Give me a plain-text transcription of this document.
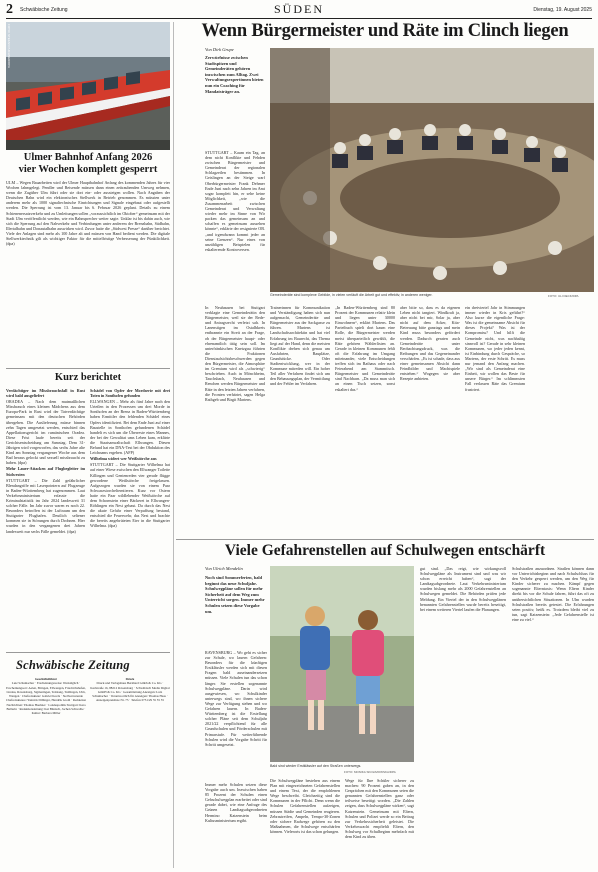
2 Schwäbische Zeitung	SÜDEN	Dienstag, 19. August 2025
FOTO: STEFAN PUCHNER/DPA
Ulmer Bahnhof Anfang 2026
vier Wochen komplett gesperrt
ULM – Wegen Bauarbeiten wird der Ulmer Hauptbahnhof Anfang des kommenden Jahres für vier Wochen lahmgelegt. Pendler und Reisende müssen dann einen zeitraubenden Umweg nehmen, wenn die Zugüber Ulm führt oder sie dort ein- oder aussteigen wollen. Nach Angaben der Deutschen Bahn wird ein elektronisches Stellwerk in Betrieb genommen. Es müssten unter anderem mehr als 1000 signaltechnische Einrichtungen und Signale eingebaut oder aufgestellt werden. Die Sperrung ist vom 13. Januar bis 6. Februar 2026 geplant. Details zu einem Schienenersatzverkehr und zu Umleitungen sollen „voraussichtlich im Oktober“ gemeinsam mit der Stadt Ulm veröffentlicht werden, wie ein Bahnsprecher weiter sagte. Unklar ist bis dahin auch, wie sich die Sperrung auf den Nahverkehr und Verbindungen unter anderem der Brenzbahn, Südbahn, Illertalbahn und Donautalbahn auswirken wird. Zuvor hatte die „Südwest Presse“ darüber berichtet. Viele der Anlagen sind mehr als 100 Jahre alt und müssen von Hand bedient werden. Die digitale Stellwerktechnik gilt als wichtiger Faktor für die mittelfristige Verbesserung der Pünktlichkeit. (dpa)
Kurz berichtet

Verdächtiger im Missbrauchsfall in Rust wird bald ausgeliefert

ORADEA – Nach dem mutmaßlichen Missbrauch eines kleinen Mädchens aus dem Europa-Park in Rust wird der Tatverdächtige gemeinsam mit den deutschen Behörden übergeben. Die Auslieferung müsse binnen zehn Tagen umgesetzt werden, entschied das Appellationsgericht im rumänischen Oradea. Diese Frist laufe bereits seit der Gerichtsentscheidung am Samstag. Dem 31-Jährigen wird vorgeworfen, das sechs Jahre alte Kind am Sonntag vergangener Woche aus dem Bad heraus gelockt und sexuell missbraucht zu haben. (dpa)

Mehr Lauer-Attacken auf Flugbegleiter im Südwesten

STUTTGART – Die Zahl gefährlicher Blendangriffe mit Laserpointern auf Flugzeuge in Baden-Württemberg hat zugenommen. Laut Verkehrsministerium erfasste die Kriminalstatistik im Jahr 2024 landesweit 31 solcher Fälle. Im Jahr zuvor waren es noch 22. Besonders betroffen ist der Luftraum um den Stuttgarter Flughafen. Deutlich seltener kommen sie in Störungen durch Drohnen. Hier wurden in den vergangenen drei Jahren landesweit nur sechs Fälle gemeldet. (dpa)

Schädel von Opfer der Mordserie mit drei Toten in Sonthofen gefunden

ELLWANGEN – Mehr als fünf Jahre nach den Urteilen in den Prozessen um drei Morde in Sonthofen an der Brenz in Baden-Württemberg haben Ermittler den fehlenden Schädel eines Opfers identifiziert. Bei dem Ende Juni auf einer Baustelle in Sonthofen gefundenen Schädel handelt es sich um die Überreste eines Mannes, der bei der Gewalttat ums Leben kam, erklärte die Staatsanwaltschaft Ellwangen. Diesen Befund hat ein DNA-Test bei der Obduktion des Leichnams ergeben. (AFP)

Wilhelma widert wer Weißstörche aus

STUTTGART – Die Stuttgarter Wilhelma hat auf einer Wiese zwischen den Ellwanger Toilette Killingen und Gentenreden vier gerade flügge gewordene Weißstörche freigelassen. Aufgezogen wurden sie von einem Paar Schwarzstorchelterntieren. Kurz vor Ostern hatte ein Paar wildlebender Weißstörche auf dem Schornstein einer Bäckerei in Ellwangen-Röhlingen ein Nest gebaut. Da durch das Nest die akute Gefahr einer Verpuffung bestand, entschied die Feuerwehr, das Nest und brachte die bereits angebrüteten Eier in die Stuttgarter Wilhelma. (dpa)

Schwäbische Zeitung
Geschäftsführer
Lutz Schumacher · Erscheinungsweise: Werktäglich · Erscheinungsort: Aalen, Ehingen, Ellwangen, Friedrichshafen, Lindau, Ravensburg, Sigmaringen, Tettnang, Tuttlingen, Ulm, Wangen · Chefredakteur: Gabriel Kords · Stellvertretende Chefredakteure: Yannick Dillinger, Hendrik Groth · Redaktion Nachrichten: Thomas Huebner · Landespolitik Stuttgart: Kara Ballarin · Redaktionsleitung: Kai Bänisch, Jochen Schwalbe · Kultur: Barbara Miller
Druck
Druck und Verlagshaus Bernhard Gmbh & Co. KG · Karlstraße 16, 88212 Ravensburg · Schwäbisch Media Digital GmbH & Co. KG · Gesamtleitung Anzeigen: Lutz Schumacher · Verantwortlich für Anzeigen: Thomas Haas · Anzeigenpreisliste Nr. 75 · Telefon 0751/29 55 55 55
Wenn Bürgermeister und Räte im Clinch liegen
Von Dirk Grupe
Zerwürfnisse zwischen Stadtspitzen und Gemeinderäten gehören inzwischen zum Alltag. Zwei Verwaltungsexpertinnen bieten nun ein Coaching für Mandatsträger an.
STUTTGART – Kaum ein Tag, an dem nicht Konflikte und Fehden zwischen Bürgermeister und Gemeinderat der regionalen Schlagzeilen bestimmen. In Geislingen an der Steige warf Oberbürgermeister Frank Dehmer Ende Juni nach zehn Jahren im Amt sogar komplett hin, er sehe keine Möglichkeit, „wie die Zusammenarbeit zwischen Gemeinderat und Verwaltung wieder mehr im Sinne von Wir packen das gemeinsam an und schaffen es gemeinsam aussehen könnte“, erklärte der resignierte OB. „und irgendwann kommt jeder an seine Grenzen“. Nur eines von unzähligen Beispielen für eskalierende Kontroversen.
In Neuhausen bei Stuttgart verklagte eine Gemeinderätin den Bürgermeister, weil sie der Rede- und Antragsrecht verletzt sah. In Lanenstigen im Ostalbkreis entbrannte ein Streit an der Frage, ob der Bürgermeister haupt- oder ehrenamtlich tätig sein soll. Im unterfränkischen Knetzgau führten die Fraktionen Dienstaufsichtsbeschwerden gegen den Bürgermeister, die Atmosphäre im Gremium wird als „schwierig“ beschrieben. Auch in Mönchheim, Tauchsbach, Neuhausen und Renchen werden Bürgermeister und Räte in den letzten Jahren verfahren, die Fronten verhärtet, sagen Helga Rathgeb und Birgit Martens.
Gemeinderäte sind komplexe Gebilde, in vielen verläuft die Arbeit gut und effektiv, in anderen weniger.	FOTO: ULI DECK/DPA
Trainerinnen für Kommunikation und Verständigung haben sich nun aufgemacht, Gemeinderäte und Bürgermeister aus der Sackgasse zu führen. Martens ist Landschaftsarchitektin und hat viel Erfahrung im Baurecht, das Thema liegt auf der Hand, denn die meisten Konflikte drehen sich genau um Ausfahrten, Bauplätze, Grundstücke. Oder Stadtentwicklung, wer in der Kommune mitreden will. Ein hoher Teil aller Verfahren findet sich um den Bebauungsplan, der Vermittlung und der Fehler im Verfahren.
„In Baden-Württemberg sind 80 Prozent der Kommunen relativ klein und liegen unter 30000 Einwohnern“, erklärt Martens. Das Parteibuch spielt dort kaum eine Rolle, die Bürgermeister werden meist überparteilich gewählt, die Räte gehören Wählerlisten an. Gerade in kleinen Kommunen fehlt oft die Erfahrung im Umgang miteinander, viele Entscheidungen treffen sich im Rathaus oder nach Feierabend am Stammtisch. Bürgermeister und Gemeinderäte sind Nachbarn. „Da muss man sich an einen Tisch setzen, sonst eskaliert das.“
aber bitte so, dass es da eigenen Leben nicht tangiert. Windkraft ja, aber nicht bei mir, Solar ja, aber nicht auf dem Acker, Kita-Betreuung bitte ganztags und mein Kind muss besonders gefördert werden. Dadurch geraten auch Gemeinderäte unter Beobachtungsdruck, was die Reibungen und das Gegeneinander verschärfen. „Es ist schade, dass aus einer gemeinsamen Absicht dann Feindbilder und Machtspiele entstehen.“ Wogegen sie aber Rezepte anbieten.
ein dreiviertel Jahr in Stimmungen immer wieder in Kris geführt?“ Also kurze die eigentliche Frage: Was ist die gemeinsame Absicht für dieses Projekt? Was ist der Kompromiss? Und hilft die Gemeinde nicht, was nachhaltig sinnvoll ist? Gerade in sehr kleinen Kommunen, wo jeder jeden kennt, ist Einbindung durch Gespräche, so Martens, der erste Schritt. Es muss nur jemand den Anfang machen. „Wir sind als Gemeinderat eine Einheit, wir wollen das Beste für unsere Bürger.“ Im schlimmsten Fall verlassen Räte das Gremium frustriert.
Viele Gefahrenstellen auf Schulwegen entschärft
Von Ulrich Mendelin
Noch sind Sommerferien, bald beginnt das neue Schuljahr. Schulwegpläne sollen für mehr Sicherheit auf dem Weg zum Unterricht sorgen. Immer mehr Schulen setzen diese Vorgabe um.
RAVENSBURG – Wo geht es sicher zur Schule, wo lauern Gefahren: Besonders für die künftigen Erstklässler werden sich mit diesen Fragen bald auseinandersetzen müssen. Viele Schulen tun das schon länger. Sie erstellen sogenannte Schulwegpläne. Darin wird ausgewiesen, wo Schulkinder unterwegs sind, wo ihnen sichere Wege zur Verfügung stehen und wo Gefahren lauern. In Baden-Württemberg ist die Erstellung solcher Pläne seit dem Schuljahr 2021/22 verpflichtend für alle Grundschulen und Förderschulen mit Primarstufe. Für weiterführende Schulen wird die Vorgabe Schritt für Schritt umgesetzt.
Immer mehr Schulen setzen diese Vorgabe auch um. Inzwischen haben 85 Prozent der Schulen einen Gehschulwegplan erarbeitet oder sind gerade dabei, wie eine Anfrage des Grünen Landtagsabgeordneten Hermino Katzenstein beim Kultusministerium ergibt.
Bald sind wieder Erstklässler auf den Straßen unterwegs.
FOTO: MONIKA SKOLIMOWSKA/DPA
Die Schulwegpläne bestehen aus einem Plan mit eingezeichneten Gefahrenstellen und einem Text, der die empfohlenen Wege beschreibt. Gleichzeitig sind die Kommunen in der Pflicht. Denn wenn die Schulen Gefahrenstellen aufzeigen, müssen Städte und Gemeinden reagieren. Zebrastreifen, Ampeln, Tempo-30-Zonen oder sichere Radwege gehören zu den Maßnahmen, die Schulwege entschärfen können. Vielerorts ist das schon gelungen.
Wege für Ihre Schüler sicherer zu machen: 90 Prozent gaben an, in den Gesprächen mit den Kommunen seien die genannten Gefahrenstellen ganz oder teilweise beseitigt worden. „Die Zahlen zeigen, dass Schulwegpläne wirken“, sagt Katzenstein. Gemeinsam mit Eltern, Schulen und Polizei werde so ein Beitrag zur Verkehrssicherheit geleistet. Die Verkehrswacht empfiehlt Eltern, den Schulweg vor Schulbeginn mehrfach mit dem Kind zu üben.
gut sind. „Das reigt, wie wirkungsvoll Schulwegpläne als Instrument sind und was wir schon erreicht haben“, sagt der Landtagsabgeordnete. Laut Verkehrsministerium wurden bislang mehr als 2000 Gefahrenstellen an Schulwegen gemeldet. Die Behörden prüfen jede Meldung. Ein Viertel der in den Schulwegplänen benannten Gefahrenstellen wurde bereits beseitigt, bei einem weiteren Viertel laufen die Planungen.
Schulstraßen anzuordnen. Straßen können dann vor Unterrichtsbeginn und nach Schulschluss für den Verkehr gesperrt werden, um den Weg für Kinder sicherer zu machen. Kämpf gegen sogenannte Elterntaxis: Wenn Eltern Kinder direkt bis vor die Schule fahren, führt das oft zu unübersichtlichen Situationen. In Ulm wurden Schulstraßen bereits getestet. Die Erfahrungen seien positiv, heißt es. Trotzdem bleibt viel zu tun, sagt Katzenstein: „Jede Gefahrenstelle ist eine zu viel.“
